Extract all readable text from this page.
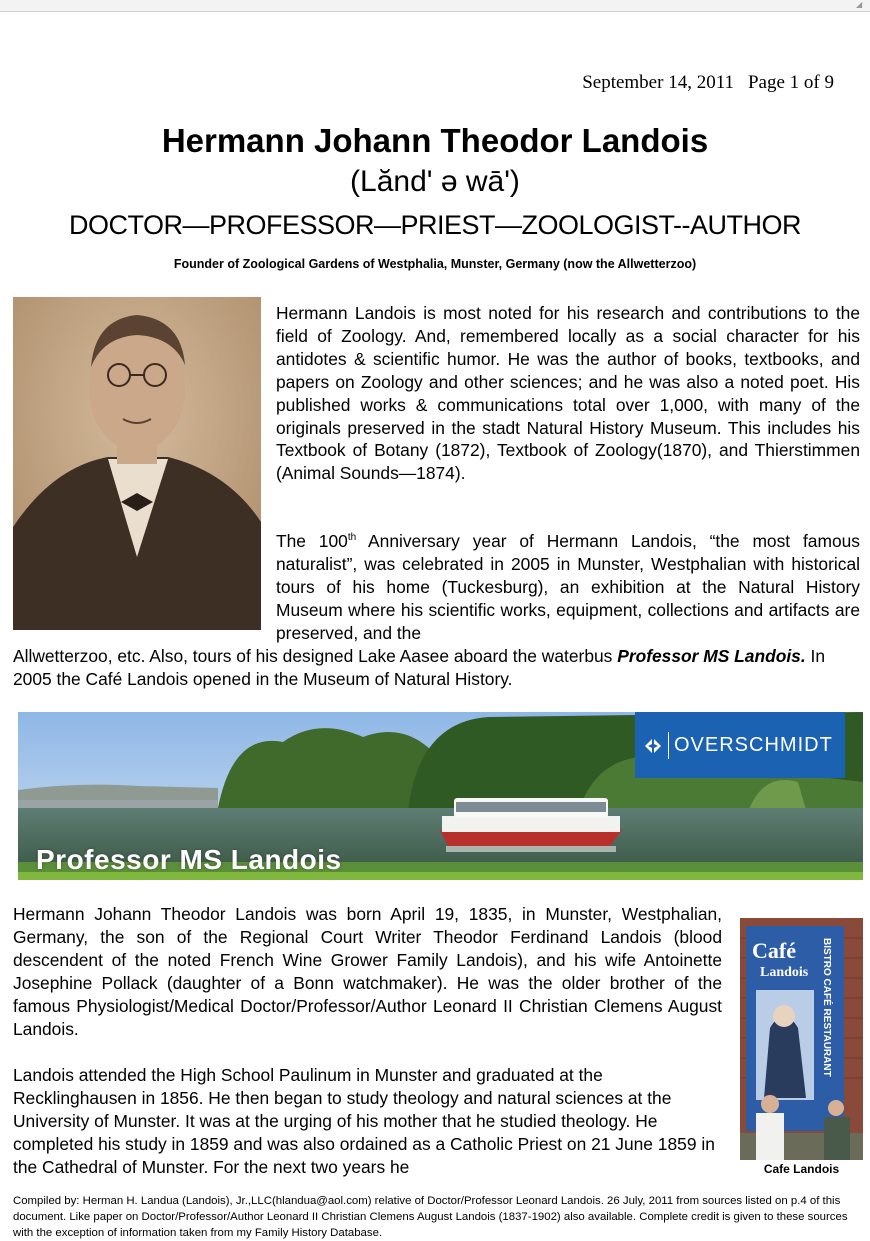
◢
September 14, 2011 Page 1 of 9
Hermann Johann Theodor Landois
(Lănd' ə wā')
DOCTOR—PROFESSOR—PRIEST—ZOOLOGIST--AUTHOR
Founder of Zoological Gardens of Westphalia, Munster, Germany (now the Allwetterzoo)
Hermann Landois is most noted for his research and contributions to the field of Zoology. And, remembered locally as a social character for his antidotes & scientific humor. He was the author of books, textbooks, and papers on Zoology and other sciences; and he was also a noted poet. His published works & communications total over 1,000, with many of the originals preserved in the stadt Natural History Museum. This includes his Textbook of Botany (1872), Textbook of Zoology(1870), and Thierstimmen (Animal Sounds—1874).

The 100th Anniversary year of Hermann Landois, “the most famous naturalist”, was celebrated in 2005 in Munster, Westphalian with historical tours of his home (Tuckesburg), an exhibition at the Natural History Museum where his scientific works, equipment, collections and artifacts are preserved, and the

Allwetterzoo, etc. Also, tours of his designed Lake Aasee aboard the waterbus Professor MS Landois. In 2005 the Café Landois opened in the Museum of Natural History.
OVERSCHMIDT
Professor MS Landois
Hermann Johann Theodor Landois was born April 19, 1835, in Munster, Westphalian, Germany, the son of the Regional Court Writer Theodor Ferdinand Landois (blood descendent of the noted French Wine Grower Family Landois), and his wife Antoinette Josephine Pollack (daughter of a Bonn watchmaker). He was the older brother of the famous Physiologist/Medical Doctor/Professor/Author Leonard II Christian Clemens August Landois.
Landois attended the High School Paulinum in Munster and graduated at the Recklinghausen in 1856. He then began to study theology and natural sciences at the University of Munster. It was at the urging of his mother that he studied theology. He completed his study in 1859 and was also ordained as a Catholic Priest on 21 June 1859 in the Cathedral of Munster. For the next two years he
Café
Landois BISTRO CAFÉ RESTAURANT
Cafe Landois
Compiled by: Herman H. Landua (Landois), Jr.,LLC(hlandua@aol.com) relative of Doctor/Professor Leonard Landois. 26 July, 2011 from sources listed on p.4 of this document. Like paper on Doctor/Professor/Author Leonard II Christian Clemens August Landois (1837-1902) also available. Complete credit is given to these sources with the exception of information taken from my Family History Database.
